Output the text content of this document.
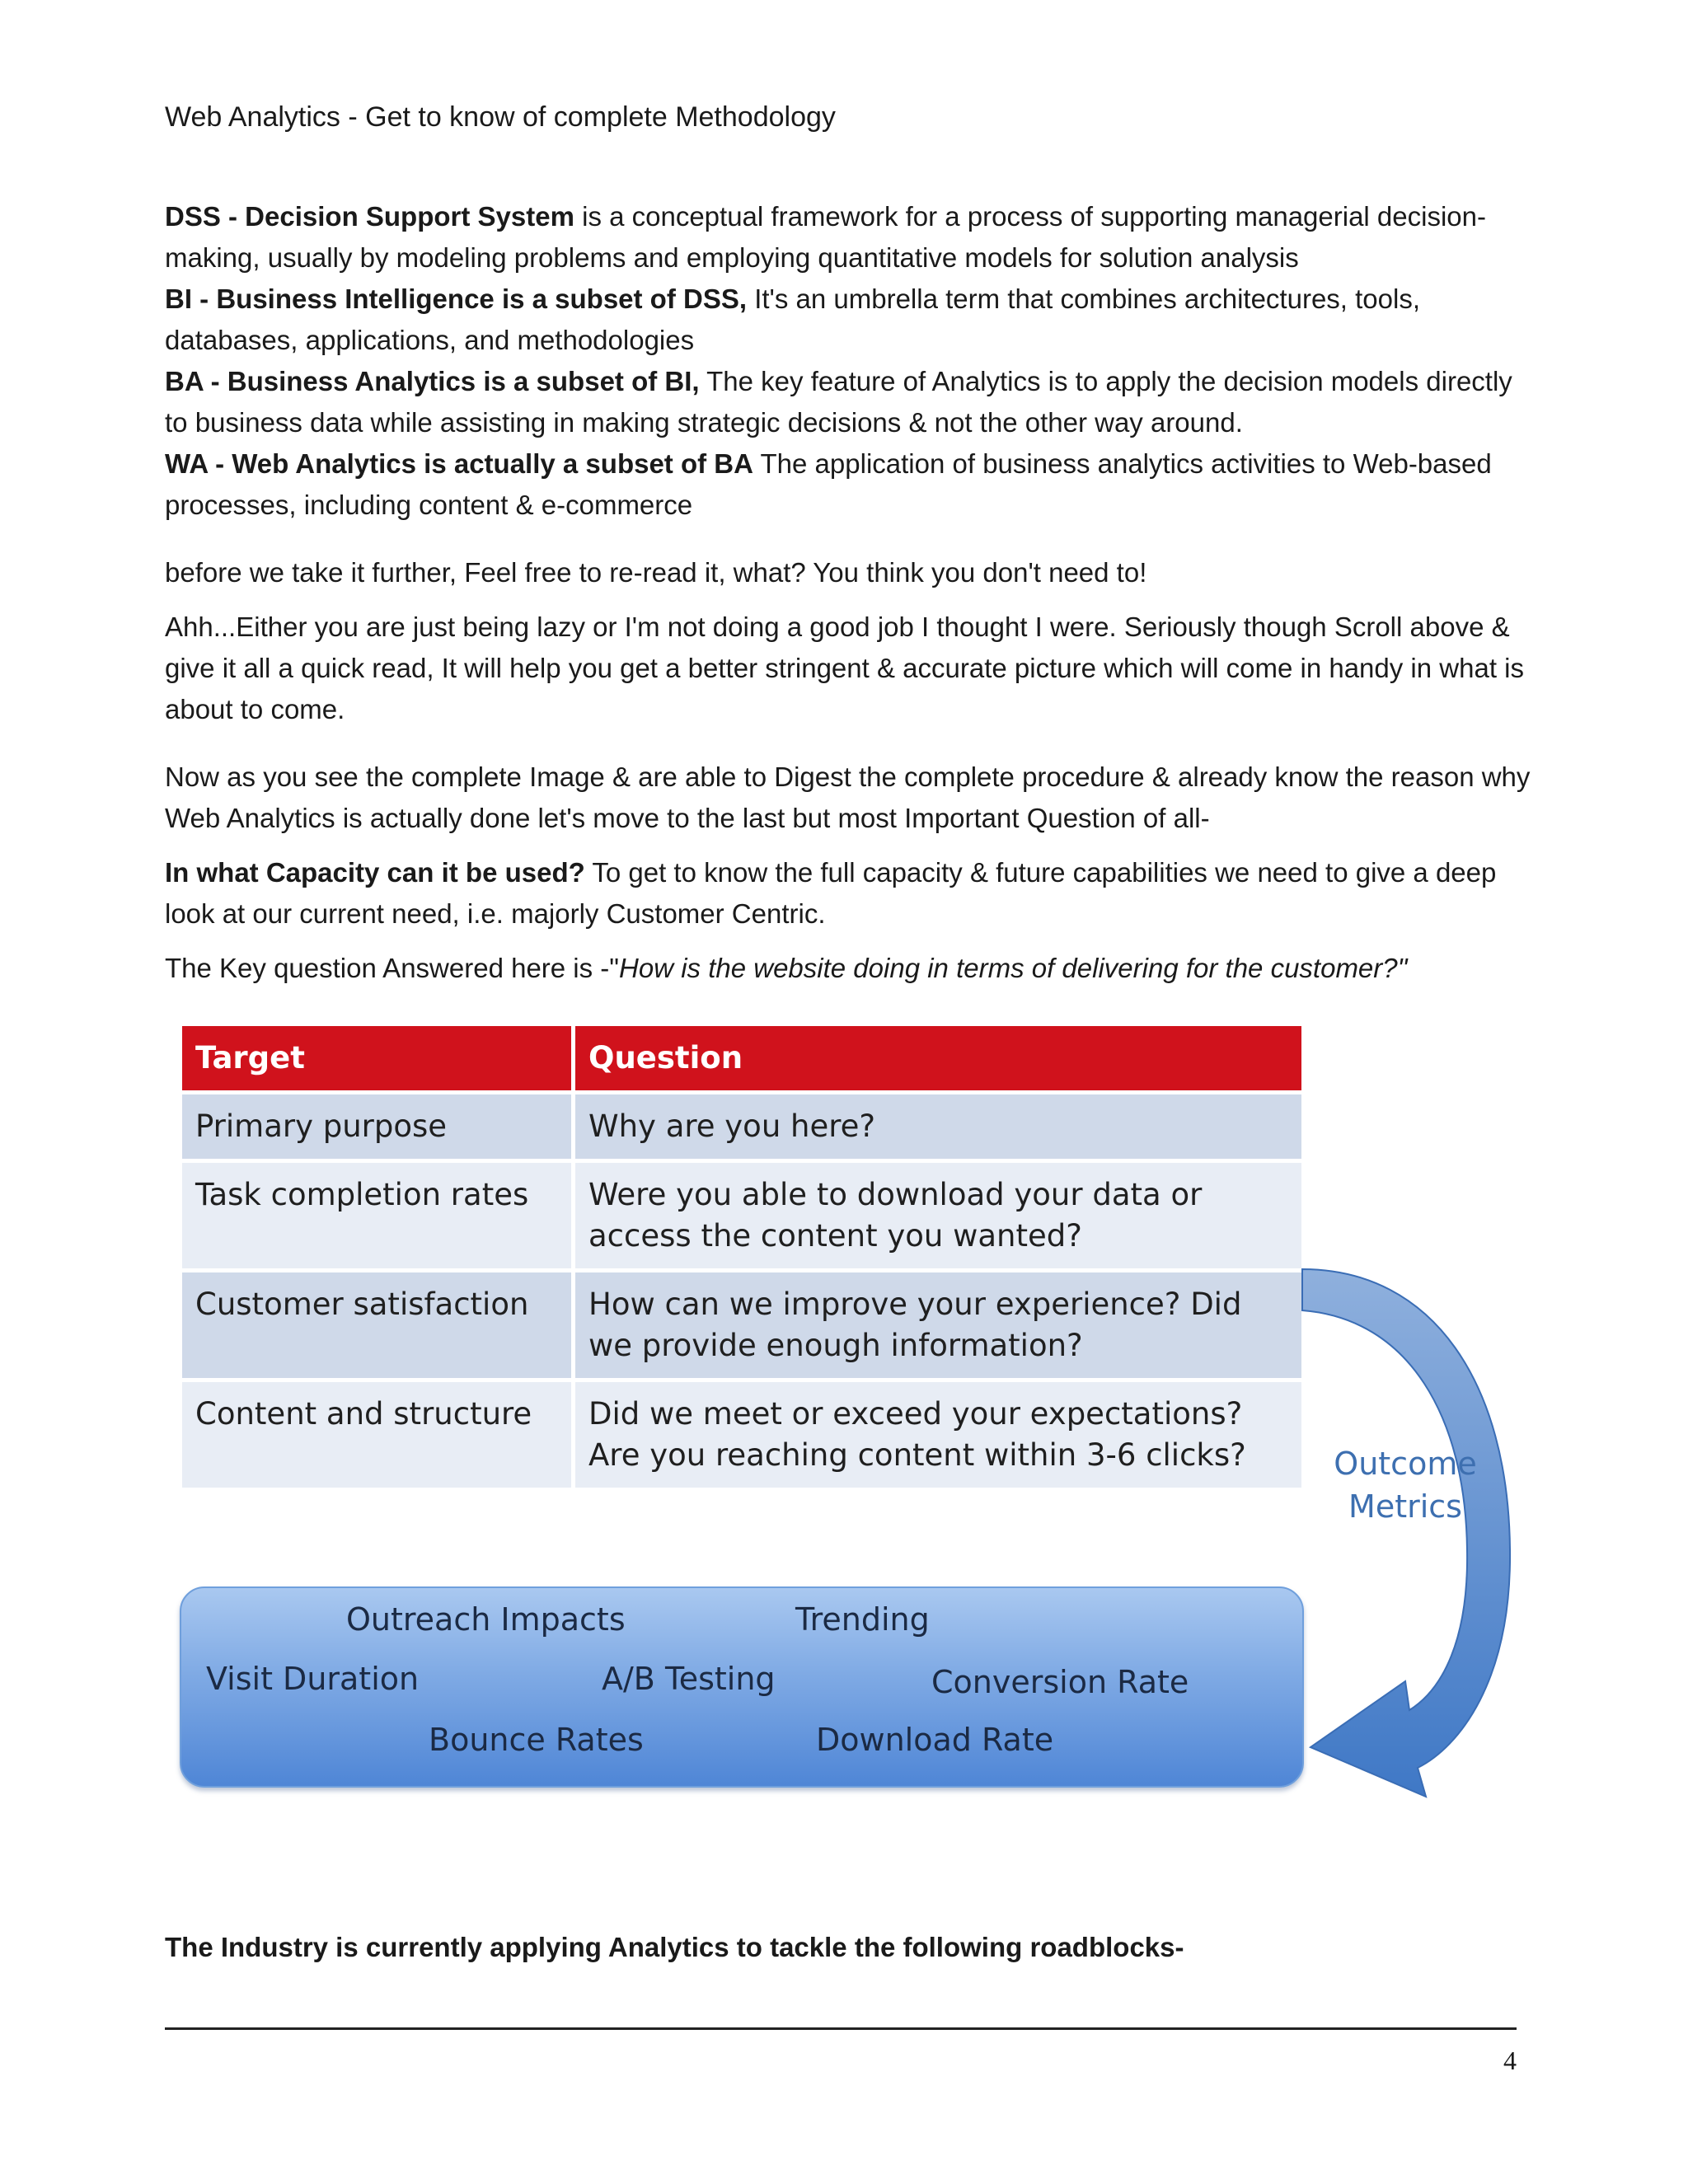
Web Analytics - Get to know of complete Methodology

DSS - Decision Support System is a conceptual framework for a process of supporting managerial decision-making, usually by modeling problems and employing quantitative models for solution analysis

BI - Business Intelligence is a subset of DSS, It's an umbrella term that combines architectures, tools, databases, applications, and methodologies

BA - Business Analytics is a subset of BI, The key feature of Analytics is to apply the decision models directly to business data while assisting in making strategic decisions & not the other way around.

WA - Web Analytics is actually a subset of BA The application of business analytics activities to Web-based processes, including content & e-commerce

before we take it further, Feel free to re-read it, what? You think you don't need to!
Ahh...Either you are just being lazy or I'm not doing a good job I thought I were. Seriously though Scroll above & give it all a quick read, It will help you get a better stringent & accurate picture which will come in handy in what is about to come.
Now as you see the complete Image & are able to Digest the complete procedure & already know the reason why Web Analytics is actually done let's move to the last but most Important Question of all-
In what Capacity can it be used? To get to know the full capacity & future capabilities we need to give a deep look at our current need, i.e. majorly Customer Centric.
The Key question Answered here is -"How is the website doing in terms of delivering for the customer?"
Target	Question
Primary purpose	Why are you here?
Task completion rates	Were you able to download your data or access the content you wanted?
Customer satisfaction	How can we improve your experience? Did we provide enough information?
Content and structure	Did we meet or exceed your expectations? Are you reaching content within 3-6 clicks?	Outcome Metrics
Outreach Impacts	Trending
Visit Duration	A/B Testing	Conversion Rate
Bounce Rates	Download Rate
The Industry is currently applying Analytics to tackle the following roadblocks-
4
